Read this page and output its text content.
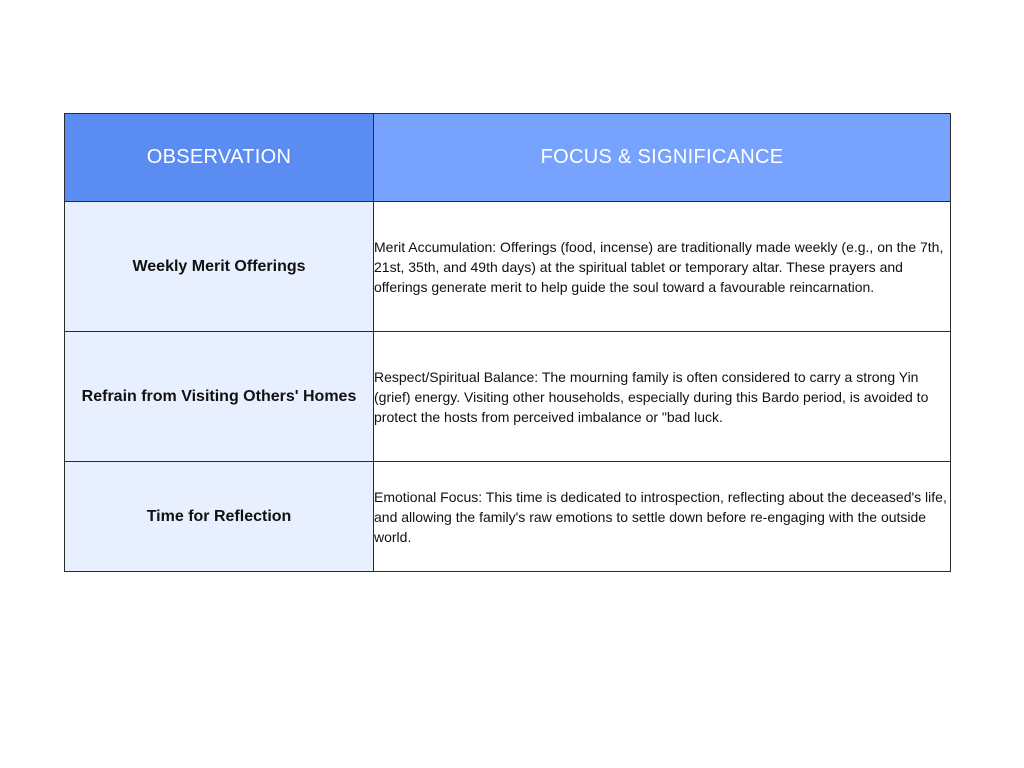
OBSERVATION	FOCUS & SIGNIFICANCE
Weekly Merit Offerings	Merit Accumulation: Offerings (food, incense) are traditionally made weekly (e.g., on the 7th, 21st, 35th, and 49th days) at the spiritual tablet or temporary altar. These prayers and offerings generate merit to help guide the soul toward a favourable reincarnation.

Refrain from Visiting Others' Homes	Respect/Spiritual Balance: The mourning family is often considered to carry a strong Yin (grief) energy. Visiting other households, especially during this Bardo period, is avoided to protect the hosts from perceived imbalance or "bad luck.

Time for Reflection	Emotional Focus: This time is dedicated to introspection, reflecting about the deceased's life, and allowing the family's raw emotions to settle down before re-engaging with the outside world.
